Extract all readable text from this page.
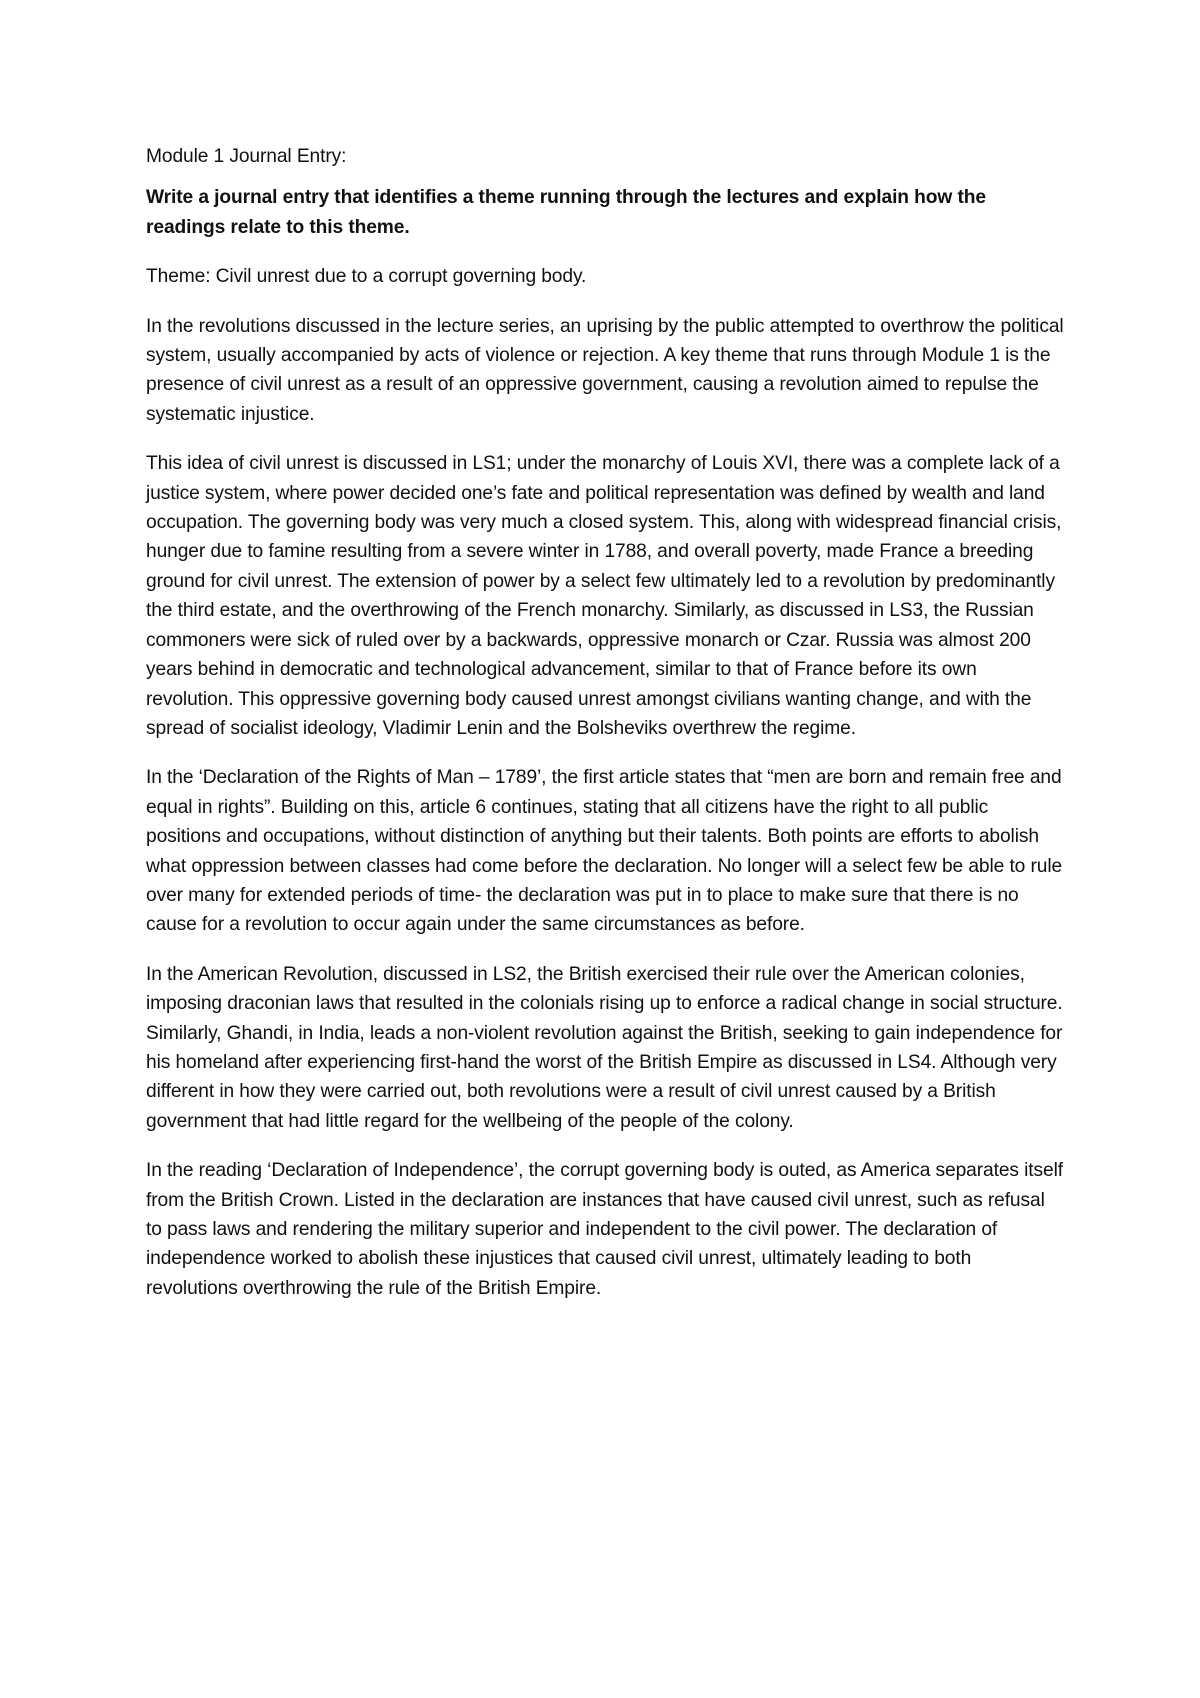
Module 1 Journal Entry:

Write a journal entry that identifies a theme running through the lectures and explain how the readings relate to this theme.

Theme: Civil unrest due to a corrupt governing body.

In the revolutions discussed in the lecture series, an uprising by the public attempted to overthrow the political system, usually accompanied by acts of violence or rejection. A key theme that runs through Module 1 is the presence of civil unrest as a result of an oppressive government, causing a revolution aimed to repulse the systematic injustice.

This idea of civil unrest is discussed in LS1; under the monarchy of Louis XVI, there was a complete lack of a justice system, where power decided one’s fate and political representation was defined by wealth and land occupation. The governing body was very much a closed system. This, along with widespread financial crisis, hunger due to famine resulting from a severe winter in 1788, and overall poverty, made France a breeding ground for civil unrest. The extension of power by a select few ultimately led to a revolution by predominantly the third estate, and the overthrowing of the French monarchy. Similarly, as discussed in LS3, the Russian commoners were sick of ruled over by a backwards, oppressive monarch or Czar. Russia was almost 200 years behind in democratic and technological advancement, similar to that of France before its own revolution. This oppressive governing body caused unrest amongst civilians wanting change, and with the spread of socialist ideology, Vladimir Lenin and the Bolsheviks overthrew the regime.

In the ‘Declaration of the Rights of Man – 1789’, the first article states that “men are born and remain free and equal in rights”. Building on this, article 6 continues, stating that all citizens have the right to all public positions and occupations, without distinction of anything but their talents. Both points are efforts to abolish what oppression between classes had come before the declaration. No longer will a select few be able to rule over many for extended periods of time- the declaration was put in to place to make sure that there is no cause for a revolution to occur again under the same circumstances as before.

In the American Revolution, discussed in LS2, the British exercised their rule over the American colonies, imposing draconian laws that resulted in the colonials rising up to enforce a radical change in social structure. Similarly, Ghandi, in India, leads a non-violent revolution against the British, seeking to gain independence for his homeland after experiencing first-hand the worst of the British Empire as discussed in LS4. Although very different in how they were carried out, both revolutions were a result of civil unrest caused by a British government that had little regard for the wellbeing of the people of the colony.

In the reading ‘Declaration of Independence’, the corrupt governing body is outed, as America separates itself from the British Crown. Listed in the declaration are instances that have caused civil unrest, such as refusal to pass laws and rendering the military superior and independent to the civil power. The declaration of independence worked to abolish these injustices that caused civil unrest, ultimately leading to both revolutions overthrowing the rule of the British Empire.
